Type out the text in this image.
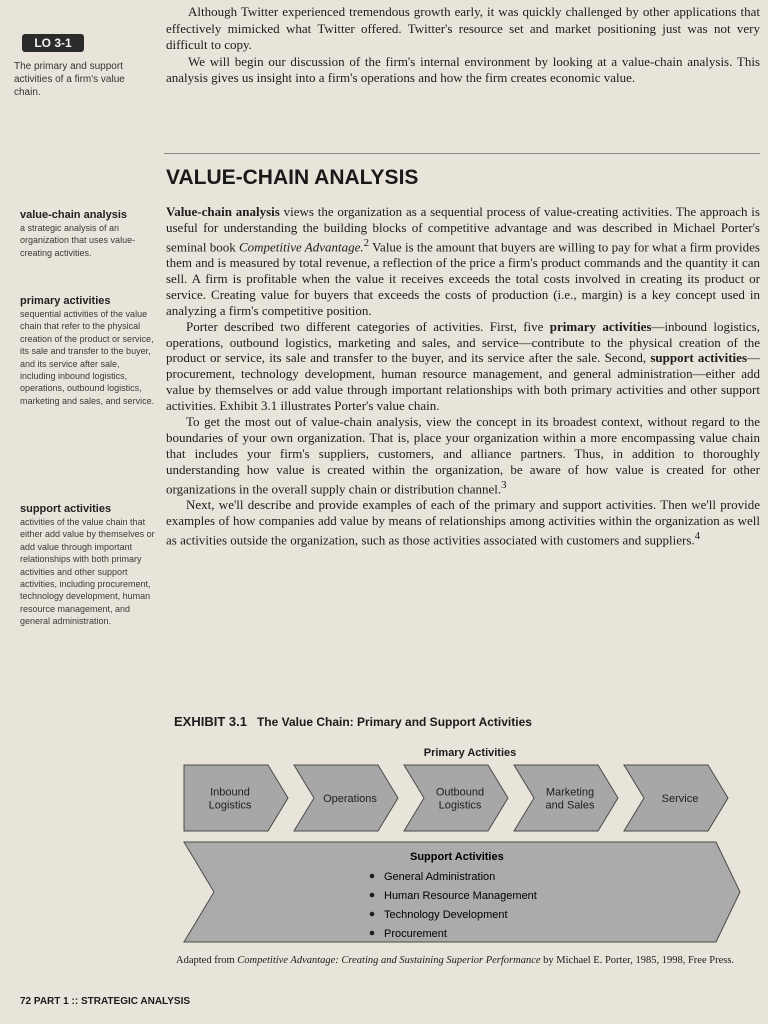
LO 3-1
The primary and support activities of a firm's value chain.
value-chain analysis
a strategic analysis of an organization that uses value-creating activities.
primary activities
sequential activities of the value chain that refer to the physical creation of the product or service, its sale and transfer to the buyer, and its service after sale, including inbound logistics, operations, outbound logistics, marketing and sales, and service.
support activities
activities of the value chain that either add value by themselves or add value through important relationships with both primary activities and other support activities, including procurement, technology development, human resource management, and general administration.

Although Twitter experienced tremendous growth early, it was quickly challenged by other applications that effectively mimicked what Twitter offered. Twitter's resource set and market positioning just was not very difficult to copy.

We will begin our discussion of the firm's internal environment by looking at a value-chain analysis. This analysis gives us insight into a firm's operations and how the firm creates economic value.

VALUE-CHAIN ANALYSIS

Value-chain analysis views the organization as a sequential process of value-creating activities. The approach is useful for understanding the building blocks of competitive advantage and was described in Michael Porter's seminal book Competitive Advantage.$^2$ Value is the amount that buyers are willing to pay for what a firm provides them and is measured by total revenue, a reflection of the price a firm's product commands and the quantity it can sell. A firm is profitable when the value it receives exceeds the total costs involved in creating its product or service. Creating value for buyers that exceeds the costs of production (i.e., margin) is a key concept used in analyzing a firm's competitive position.

Porter described two different categories of activities. First, five primary activities—inbound logistics, operations, outbound logistics, marketing and sales, and service—contribute to the physical creation of the product or service, its sale and transfer to the buyer, and its service after the sale. Second, support activities—procurement, technology development, human resource management, and general administration—either add value by themselves or add value through important relationships with both primary activities and other support activities. Exhibit 3.1 illustrates Porter's value chain.

To get the most out of value-chain analysis, view the concept in its broadest context, without regard to the boundaries of your own organization. That is, place your organization within a more encompassing value chain that includes your firm's suppliers, customers, and alliance partners. Thus, in addition to thoroughly understanding how value is created within the organization, be aware of how value is created for other organizations in the overall supply chain or distribution channel.$^3$

Next, we'll describe and provide examples of each of the primary and support activities. Then we'll provide examples of how companies add value by means of relationships among activities within the organization as well as activities outside the organization, such as those activities associated with customers and suppliers.$^4$

EXHIBIT 3.1 The Value Chain: Primary and Support Activities
Primary Activities
Inbound Logistics
Operations
Outbound Logistics
Marketing and Sales
Service
Support Activities
General Administration
Human Resource Management
Technology Development
Procurement
Adapted from Competitive Advantage: Creating and Sustaining Superior Performance by Michael E. Porter, 1985, 1998, Free Press.
72 PART 1 :: STRATEGIC ANALYSIS
